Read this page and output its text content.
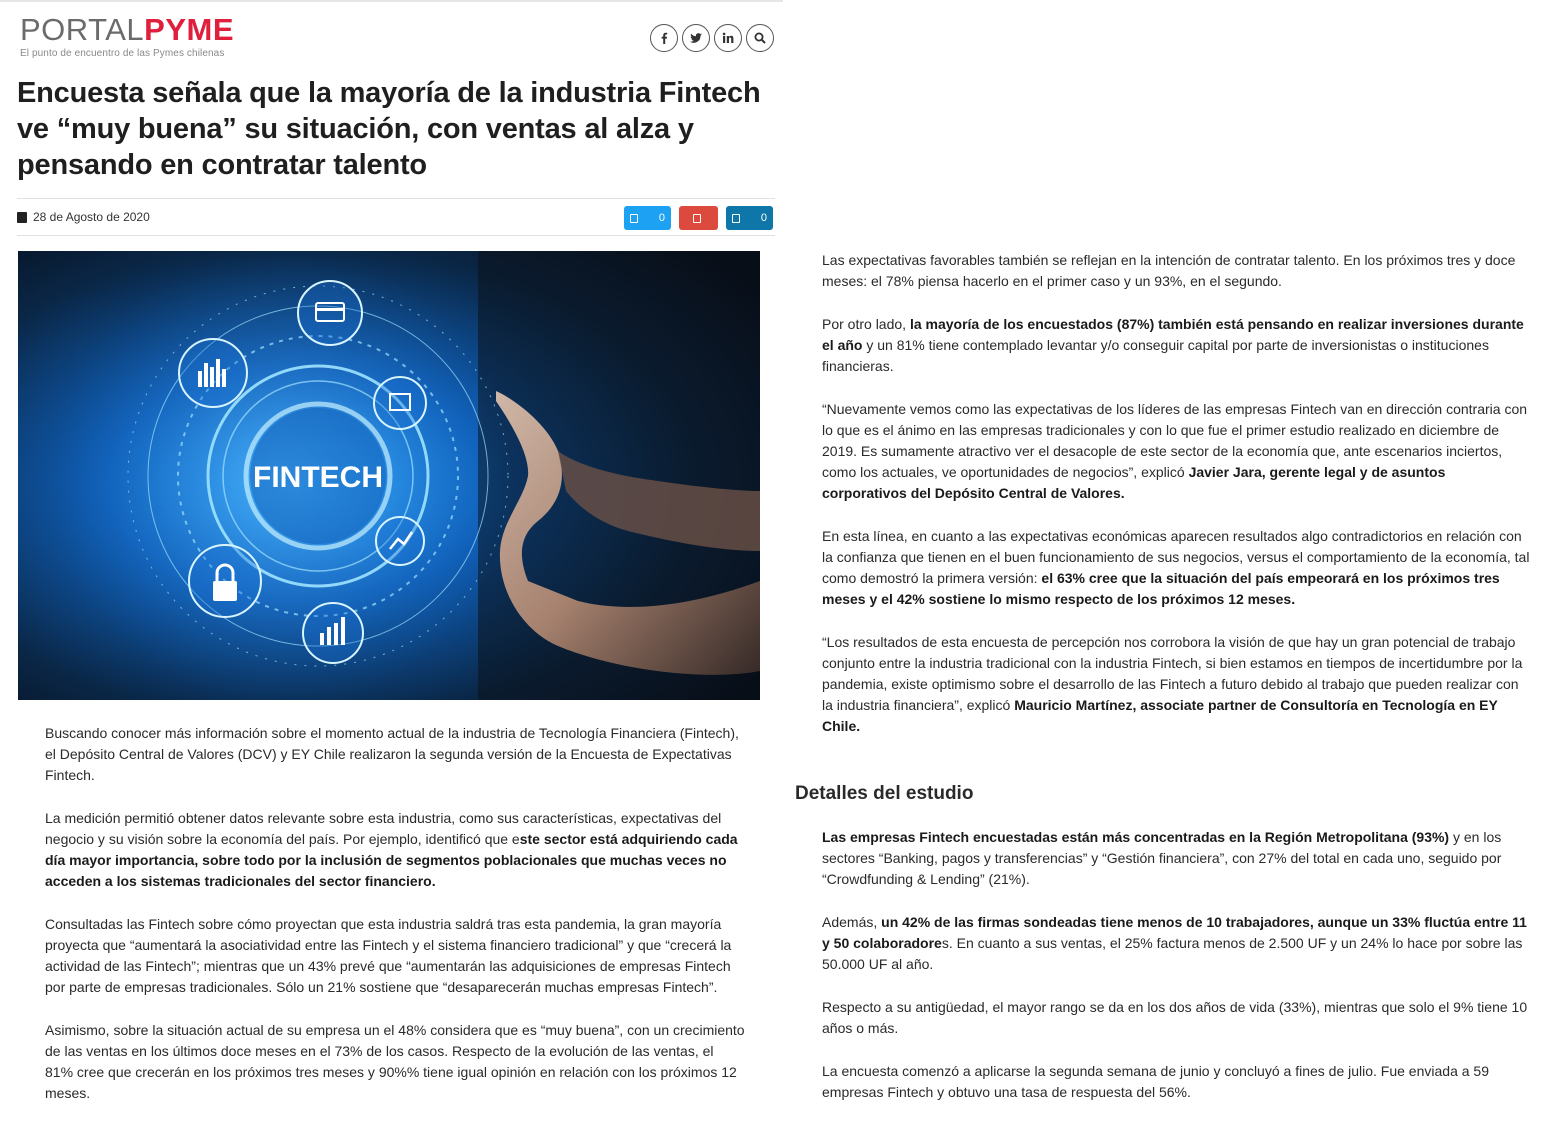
PORTALPYME
El punto de encuentro de las Pymes chilenas
Encuesta señala que la mayoría de la industria Fintech ve “muy buena” su situación, con ventas al alza y pensando en contratar talento
28 de Agosto de 2020	0	0
FINTECH

Buscando conocer más información sobre el momento actual de la industria de Tecnología Financiera (Fintech), el Depósito Central de Valores (DCV) y EY Chile realizaron la segunda versión de la Encuesta de Expectativas Fintech.

La medición permitió obtener datos relevante sobre esta industria, como sus características, expectativas del negocio y su visión sobre la economía del país. Por ejemplo, identificó que este sector está adquiriendo cada día mayor importancia, sobre todo por la inclusión de segmentos poblacionales que muchas veces no acceden a los sistemas tradicionales del sector financiero.

Consultadas las Fintech sobre cómo proyectan que esta industria saldrá tras esta pandemia, la gran mayoría proyecta que “aumentará la asociatividad entre las Fintech y el sistema financiero tradicional” y que “crecerá la actividad de las Fintech”; mientras que un 43% prevé que “aumentarán las adquisiciones de empresas Fintech por parte de empresas tradicionales. Sólo un 21% sostiene que “desaparecerán muchas empresas Fintech”.

Asimismo, sobre la situación actual de su empresa un el 48% considera que es “muy buena”, con un crecimiento de las ventas en los últimos doce meses en el 73% de los casos. Respecto de la evolución de las ventas, el 81% cree que crecerán en los próximos tres meses y 90%% tiene igual opinión en relación con los próximos 12 meses.

Las expectativas favorables también se reflejan en la intención de contratar talento. En los próximos tres y doce meses: el 78% piensa hacerlo en el primer caso y un 93%, en el segundo.

Por otro lado, la mayoría de los encuestados (87%) también está pensando en realizar inversiones durante el año y un 81% tiene contemplado levantar y/o conseguir capital por parte de inversionistas o instituciones financieras.

“Nuevamente vemos como las expectativas de los líderes de las empresas Fintech van en dirección contraria con lo que es el ánimo en las empresas tradicionales y con lo que fue el primer estudio realizado en diciembre de 2019. Es sumamente atractivo ver el desacople de este sector de la economía que, ante escenarios inciertos, como los actuales, ve oportunidades de negocios”, explicó Javier Jara, gerente legal y de asuntos corporativos del Depósito Central de Valores.

En esta línea, en cuanto a las expectativas económicas aparecen resultados algo contradictorios en relación con la confianza que tienen en el buen funcionamiento de sus negocios, versus el comportamiento de la economía, tal como demostró la primera versión: el 63% cree que la situación del país empeorará en los próximos tres meses y el 42% sostiene lo mismo respecto de los próximos 12 meses.

“Los resultados de esta encuesta de percepción nos corrobora la visión de que hay un gran potencial de trabajo conjunto entre la industria tradicional con la industria Fintech, si bien estamos en tiempos de incertidumbre por la pandemia, existe optimismo sobre el desarrollo de las Fintech a futuro debido al trabajo que pueden realizar con la industria financiera”, explicó Mauricio Martínez, associate partner de Consultoría en Tecnología en EY Chile.

Detalles del estudio

Las empresas Fintech encuestadas están más concentradas en la Región Metropolitana (93%) y en los sectores “Banking, pagos y transferencias” y “Gestión financiera”, con 27% del total en cada uno, seguido por “Crowdfunding & Lending” (21%).

Además, un 42% de las firmas sondeadas tiene menos de 10 trabajadores, aunque un 33% fluctúa entre 11 y 50 colaboradores. En cuanto a sus ventas, el 25% factura menos de 2.500 UF y un 24% lo hace por sobre las 50.000 UF al año.

Respecto a su antigüedad, el mayor rango se da en los dos años de vida (33%), mientras que solo el 9% tiene 10 años o más.

La encuesta comenzó a aplicarse la segunda semana de junio y concluyó a fines de julio. Fue enviada a 59 empresas Fintech y obtuvo una tasa de respuesta del 56%.
